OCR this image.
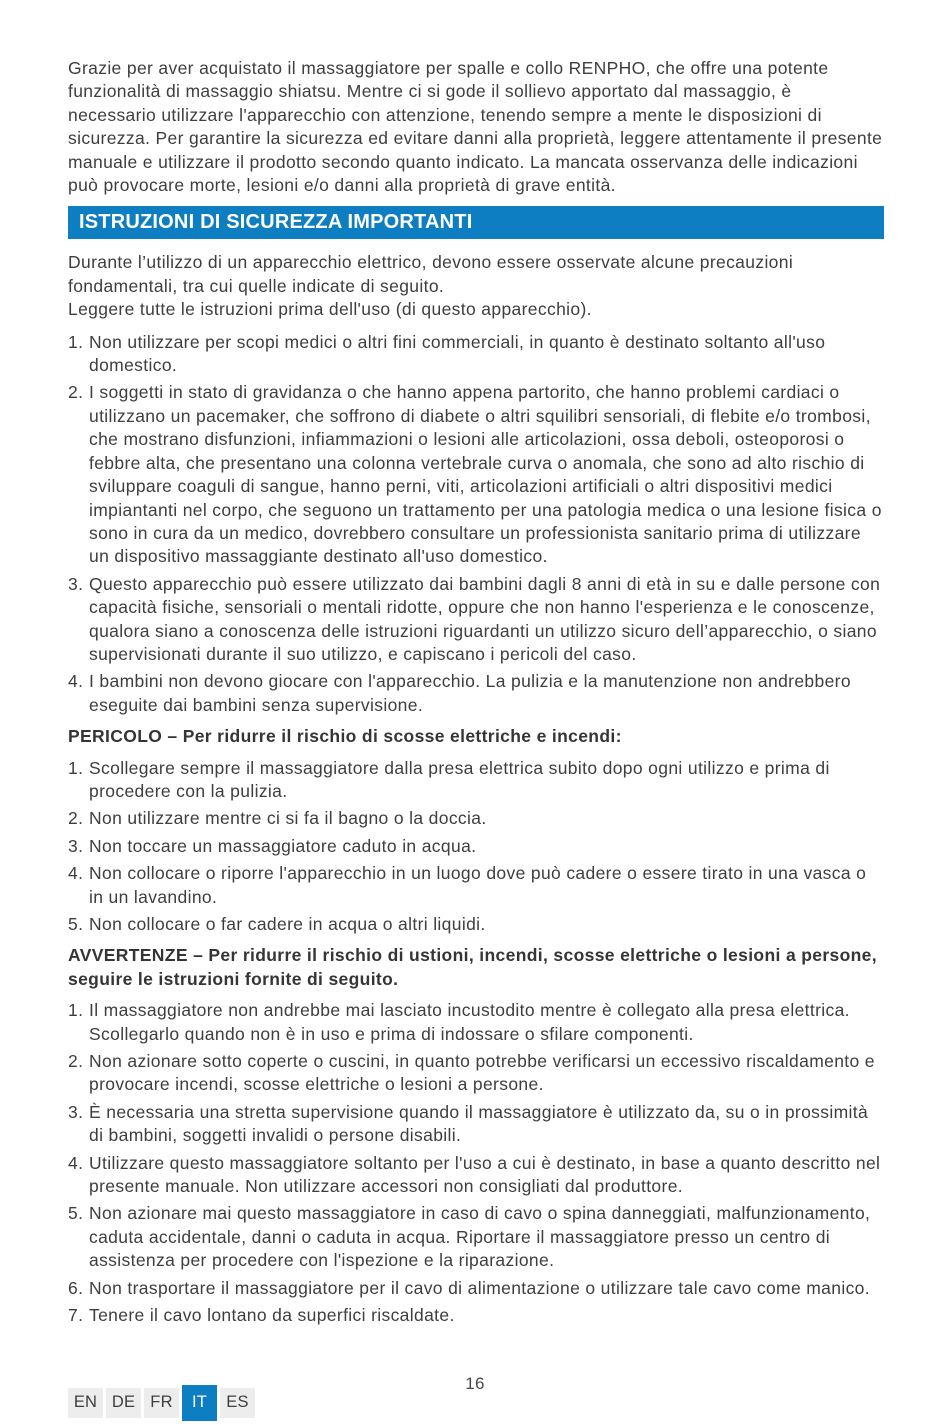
Grazie per aver acquistato il massaggiatore per spalle e collo RENPHO, che offre una potente funzionalità di massaggio shiatsu. Mentre ci si gode il sollievo apportato dal massaggio, è necessario utilizzare l'apparecchio con attenzione, tenendo sempre a mente le disposizioni di sicurezza. Per garantire la sicurezza ed evitare danni alla proprietà, leggere attentamente il presente manuale e utilizzare il prodotto secondo quanto indicato. La mancata osservanza delle indicazioni può provocare morte, lesioni e/o danni alla proprietà di grave entità.

ISTRUZIONI DI SICUREZZA IMPORTANTI

Durante l’utilizzo di un apparecchio elettrico, devono essere osservate alcune precauzioni fondamentali, tra cui quelle indicate di seguito.
Leggere tutte le istruzioni prima dell'uso (di questo apparecchio).

Non utilizzare per scopi medici o altri fini commerciali, in quanto è destinato soltanto all'uso domestico.
I soggetti in stato di gravidanza o che hanno appena partorito, che hanno problemi cardiaci o utilizzano un pacemaker, che soffrono di diabete o altri squilibri sensoriali, di flebite e/o trombosi, che mostrano disfunzioni, infiammazioni o lesioni alle articolazioni, ossa deboli, osteoporosi o febbre alta, che presentano una colonna vertebrale curva o anomala, che sono ad alto rischio di sviluppare coaguli di sangue, hanno perni, viti, articolazioni artificiali o altri dispositivi medici impiantanti nel corpo, che seguono un trattamento per una patologia medica o una lesione fisica o sono in cura da un medico, dovrebbero consultare un professionista sanitario prima di utilizzare un dispositivo massaggiante destinato all'uso domestico.
Questo apparecchio può essere utilizzato dai bambini dagli 8 anni di età in su e dalle persone con capacità fisiche, sensoriali o mentali ridotte, oppure che non hanno l'esperienza e le conoscenze, qualora siano a conoscenza delle istruzioni riguardanti un utilizzo sicuro dell’apparecchio, o siano supervisionati durante il suo utilizzo, e capiscano i pericoli del caso.
I bambini non devono giocare con l'apparecchio. La pulizia e la manutenzione non andrebbero eseguite dai bambini senza supervisione.
PERICOLO – Per ridurre il rischio di scosse elettriche e incendi:
Scollegare sempre il massaggiatore dalla presa elettrica subito dopo ogni utilizzo e prima di procedere con la pulizia.
Non utilizzare mentre ci si fa il bagno o la doccia.
Non toccare un massaggiatore caduto in acqua.
Non collocare o riporre l'apparecchio in un luogo dove può cadere o essere tirato in una vasca o in un lavandino.
Non collocare o far cadere in acqua o altri liquidi.
AVVERTENZE – Per ridurre il rischio di ustioni, incendi, scosse elettriche o lesioni a persone, seguire le istruzioni fornite di seguito.
Il massaggiatore non andrebbe mai lasciato incustodito mentre è collegato alla presa elettrica. Scollegarlo quando non è in uso e prima di indossare o sfilare componenti.
Non azionare sotto coperte o cuscini, in quanto potrebbe verificarsi un eccessivo riscaldamento e provocare incendi, scosse elettriche o lesioni a persone.
È necessaria una stretta supervisione quando il massaggiatore è utilizzato da, su o in prossimità di bambini, soggetti invalidi o persone disabili.
Utilizzare questo massaggiatore soltanto per l'uso a cui è destinato, in base a quanto descritto nel presente manuale. Non utilizzare accessori non consigliati dal produttore.
Non azionare mai questo massaggiatore in caso di cavo o spina danneggiati, malfunzionamento, caduta accidentale, danni o caduta in acqua. Riportare il massaggiatore presso un centro di assistenza per procedere con l'ispezione e la riparazione.
Non trasportare il massaggiatore per il cavo di alimentazione o utilizzare tale cavo come manico.
Tenere il cavo lontano da superfici riscaldate.
16
EN DE FR	IT	ES
